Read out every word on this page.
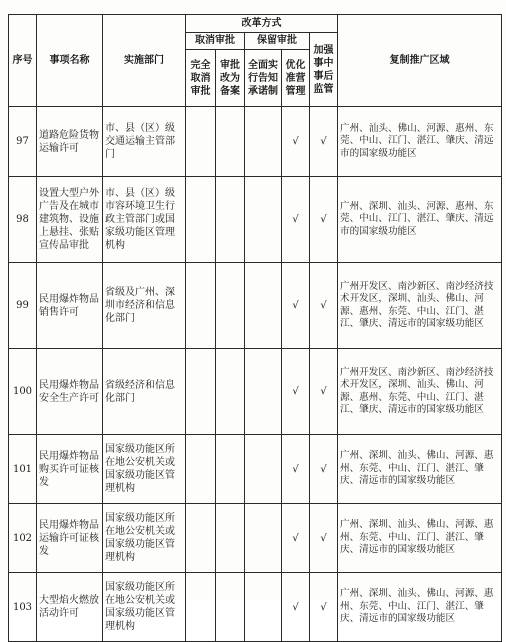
序号	事项名称	实施部门	改革方式					复制推广区域
			取消审批		保留审批		加强事中事后监管	
			完全取消审批	审批改为备案	全面实行告知承诺制	优化准营管理		
97	道路危险货物运输许可	市、县（区）级交通运输主管部门				√	√	广州、汕头、佛山、河源、惠州、东莞、中山、江门、湛江、肇庆、清远市的国家级功能区
98	设置大型户外广告及在城市建筑物、设施上悬挂、张贴宣传品审批	市、县（区）级市容环境卫生行政主管部门或国家级功能区管理机构				√	√	广州、深圳、汕头、河源、惠州、东莞、中山、江门、湛江、肇庆、清远市的国家级功能区
99	民用爆炸物品销售许可	省级及广州、深圳市经济和信息化部门				√	√	广州开发区、南沙新区、南沙经济技术开发区，深圳、汕头、佛山、河源、惠州、东莞、中山、江门、湛江、肇庆、清远市的国家级功能区
100	民用爆炸物品安全生产许可	省级经济和信息化部门				√	√	广州开发区、南沙新区、南沙经济技术开发区，深圳、汕头、佛山、河源、惠州、东莞、中山、江门、湛江、肇庆、清远市的国家级功能区
101	民用爆炸物品购买许可证核发	国家级功能区所在地公安机关或国家级功能区管理机构				√	√	广州、深圳、汕头、佛山、河源、惠州、东莞、中山、江门、湛江、肇庆、清远市的国家级功能区
102	民用爆炸物品运输许可证核发	国家级功能区所在地公安机关或国家级功能区管理机构				√	√	广州、深圳、汕头、佛山、河源、惠州、东莞、中山、江门、湛江、肇庆、清远市的国家级功能区
103	大型焰火燃放活动许可	国家级功能区所在地公安机关或国家级功能区管理机构				√	√	广州、深圳、汕头、佛山、河源、惠州、东莞、中山、江门、湛江、肇庆、清远市的国家级功能区
